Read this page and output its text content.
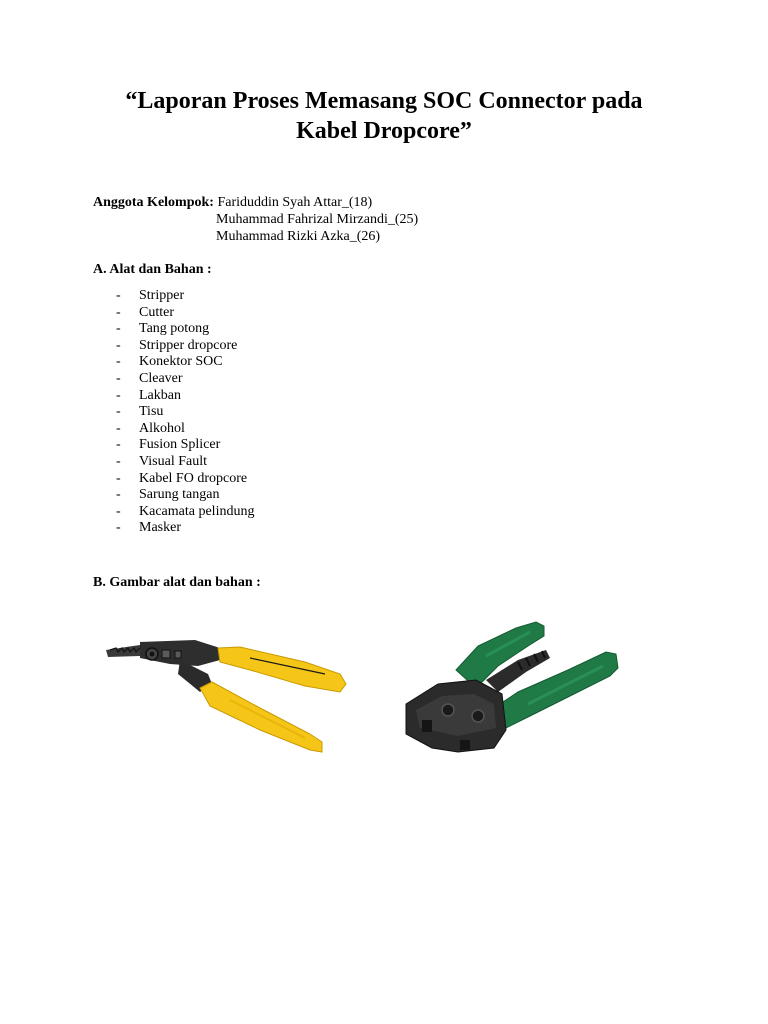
“Laporan Proses Memasang SOC Connector pada
Kabel Dropcore”
Anggota Kelompok: Fariduddin Syah Attar_(18)
Muhammad Fahrizal Mirzandi_(25)
Muhammad Rizki Azka_(26)
A. Alat dan Bahan :
- Stripper
- Cutter
- Tang potong
- Stripper dropcore
- Konektor SOC
- Cleaver
- Lakban
- Tisu
- Alkohol
- Fusion Splicer
- Visual Fault
- Kabel FO dropcore
- Sarung tangan
- Kacamata pelindung
- Masker
B. Gambar alat dan bahan :
